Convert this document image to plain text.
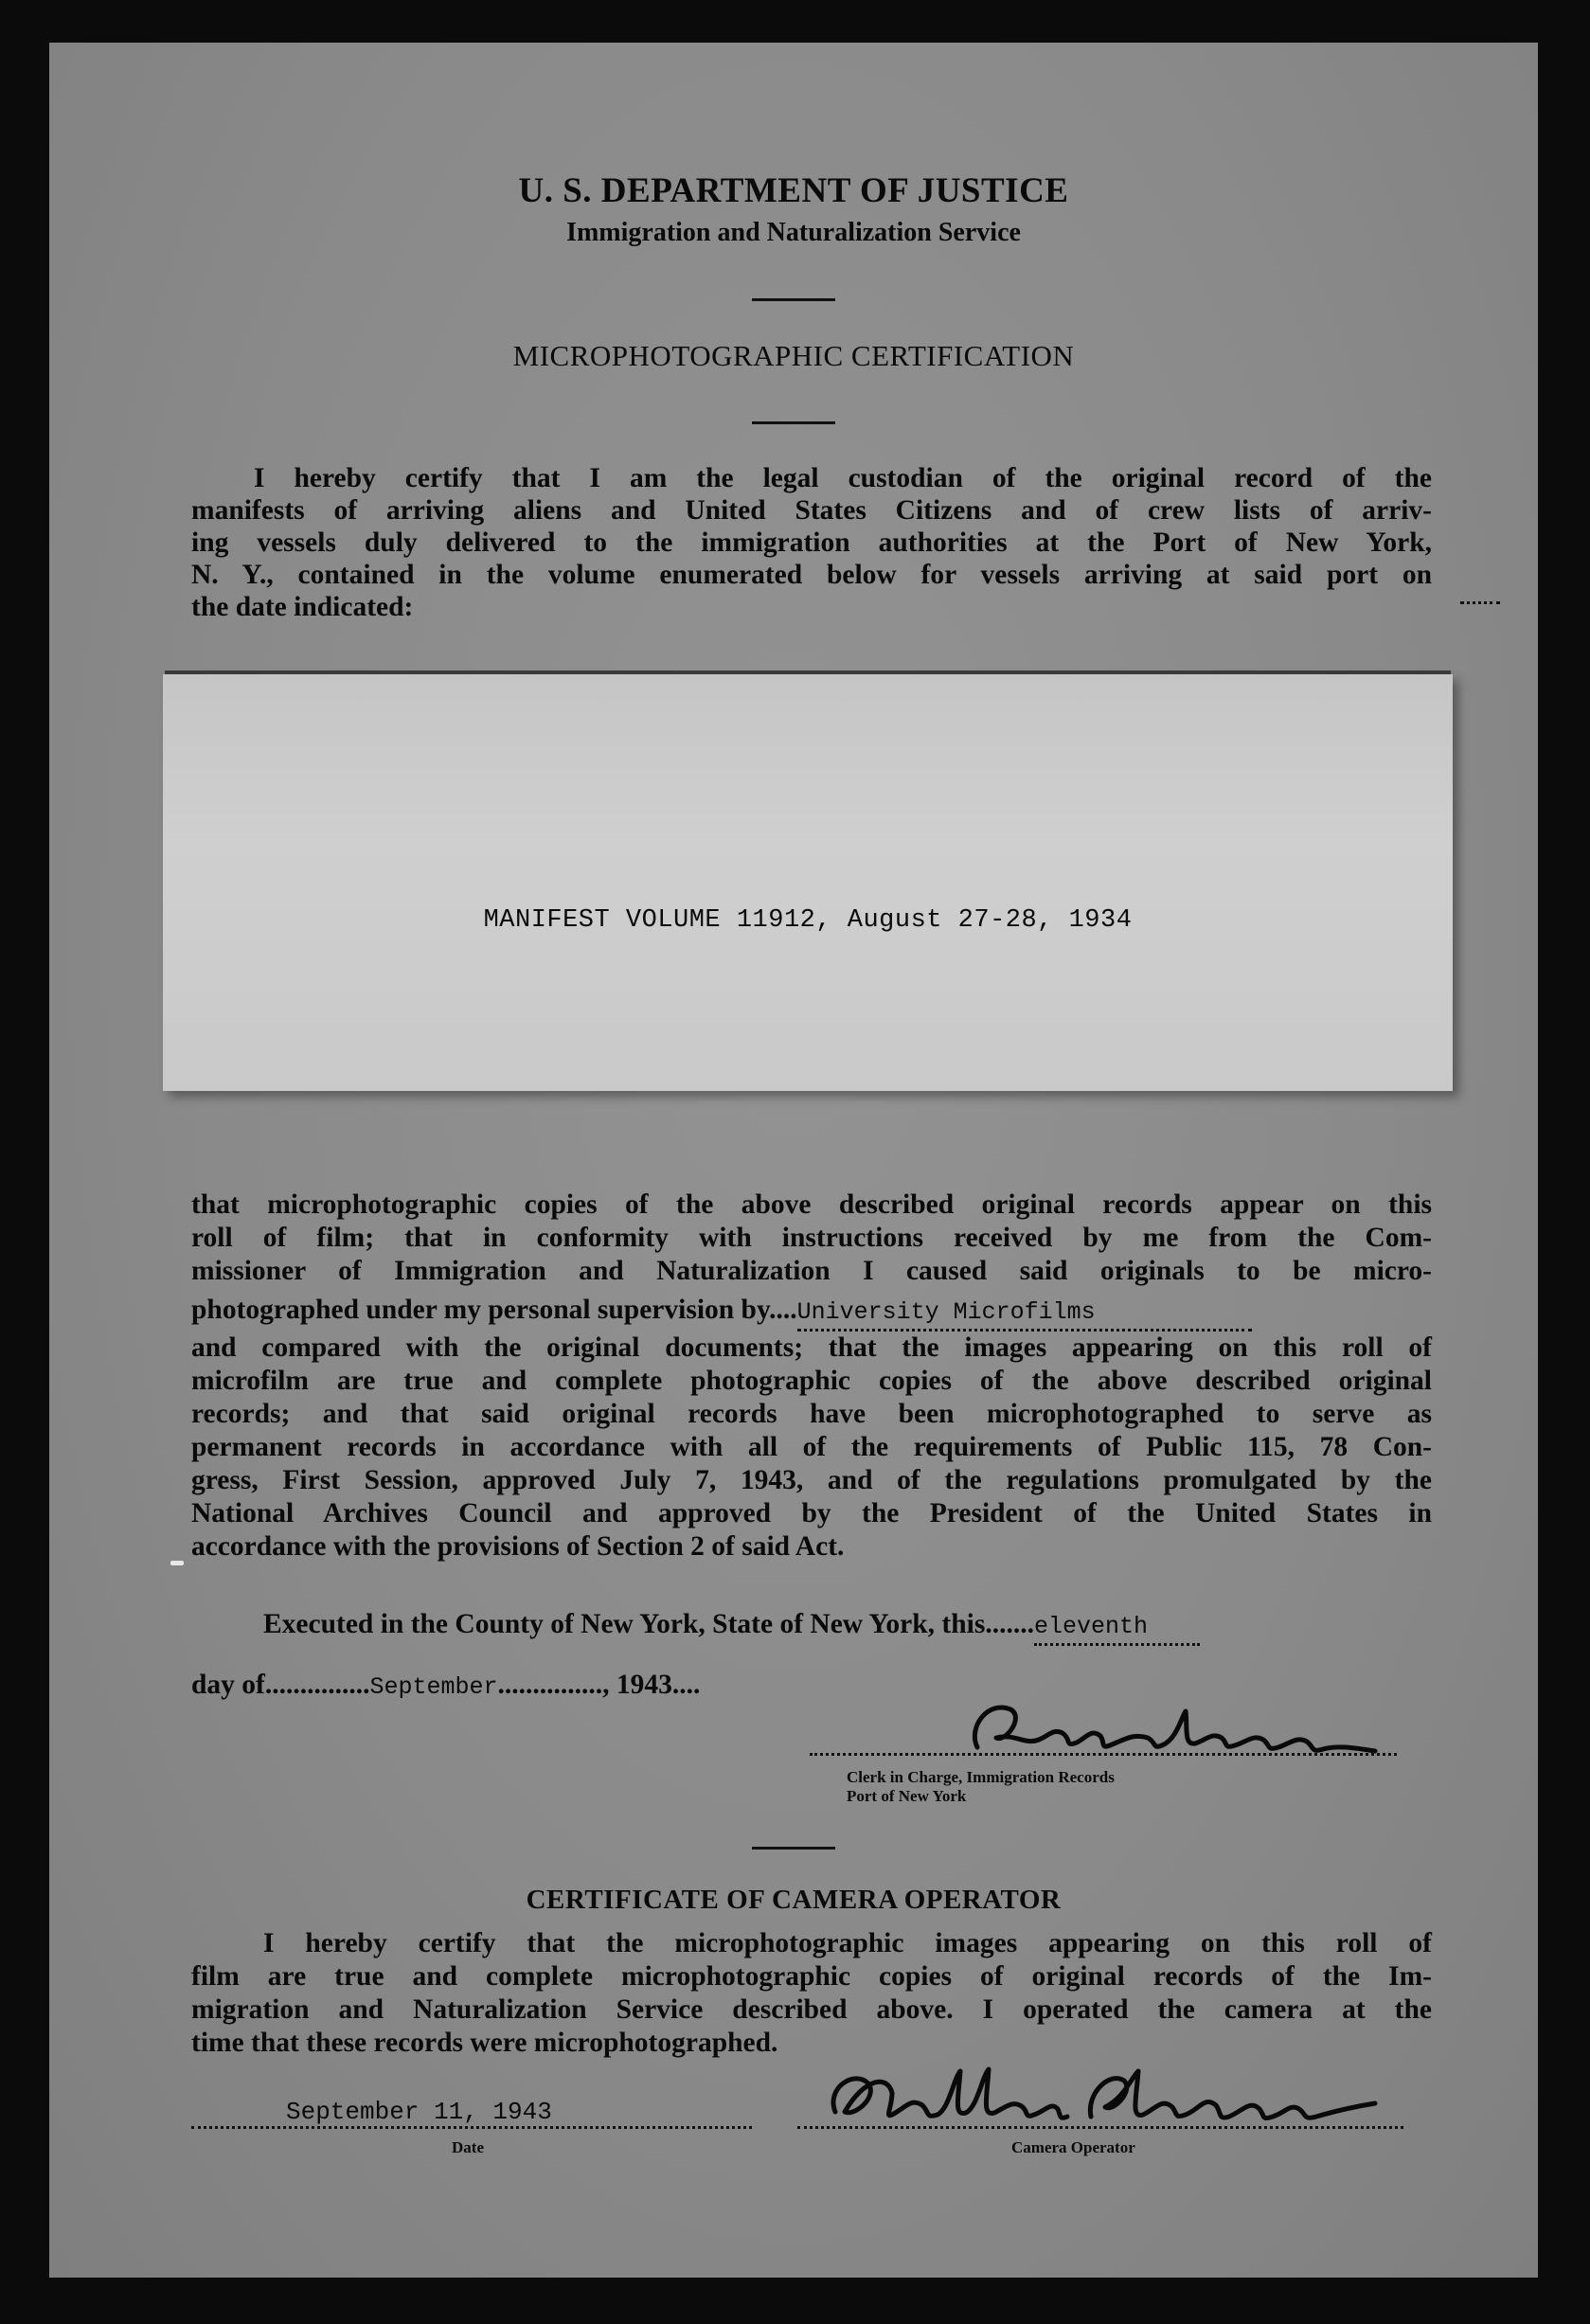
U. S. DEPARTMENT OF JUSTICE
Immigration and Naturalization Service
MICROPHOTOGRAPHIC CERTIFICATION
I hereby certify that I am the legal custodian of the original record of the
manifests of arriving aliens and United States Citizens and of crew lists of arriv-
ing vessels duly delivered to the immigration authorities at the Port of New York,
N. Y., contained in the volume enumerated below for vessels arriving at said port on
the date indicated:
MANIFEST VOLUME 11912, August 27-28, 1934
that microphotographic copies of the above described original records appear on this
roll of film; that in conformity with instructions received by me from the Com-
missioner of Immigration and Naturalization I caused said originals to be micro-
photographed under my personal supervision by....University Microfilms
and compared with the original documents; that the images appearing on this roll of
microfilm are true and complete photographic copies of the above described original
records; and that said original records have been microphotographed to serve as
permanent records in accordance with all of the requirements of Public 115, 78 Con-
gress, First Session, approved July 7, 1943, and of the regulations promulgated by the
National Archives Council and approved by the President of the United States in
accordance with the provisions of Section 2 of said Act.
Executed in the County of New York, State of New York, this.......eleventh
day of...............September..............., 1943....
Clerk in Charge, Immigration Records
Port of New York
CERTIFICATE OF CAMERA OPERATOR
I hereby certify that the microphotographic images appearing on this roll of
film are true and complete microphotographic copies of original records of the Im-
migration and Naturalization Service described above. I operated the camera at the
time that these records were microphotographed.
September 11, 1943
Date	Camera Operator
